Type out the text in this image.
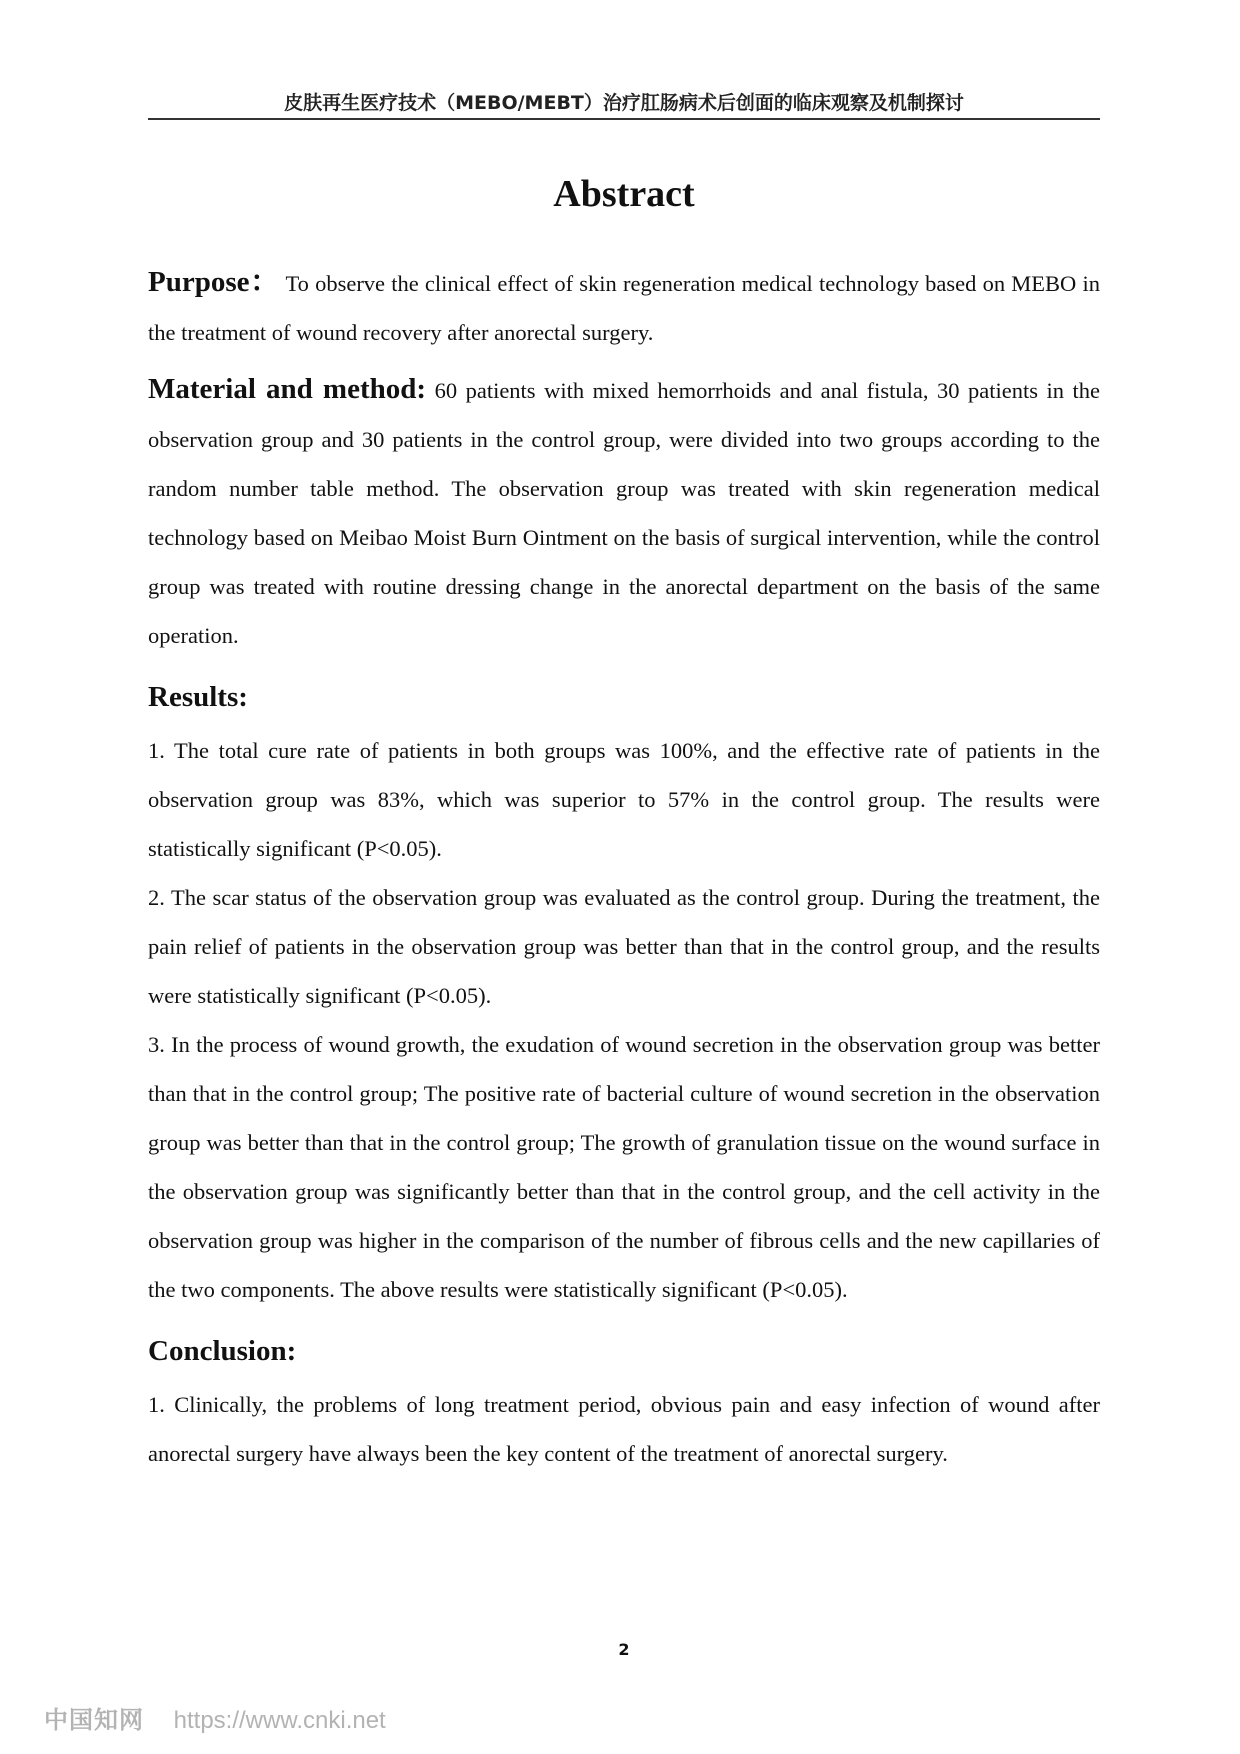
皮肤再生医疗技术（MEBO/MEBT）治疗肛肠病术后创面的临床观察及机制探讨
Abstract

Purpose： To observe the clinical effect of skin regeneration medical technology based on MEBO in the treatment of wound recovery after anorectal surgery.

Material and method: 60 patients with mixed hemorrhoids and anal fistula, 30 patients in the observation group and 30 patients in the control group, were divided into two groups according to the random number table method. The observation group was treated with skin regeneration medical technology based on Meibao Moist Burn Ointment on the basis of surgical intervention, while the control group was treated with routine dressing change in the anorectal department on the basis of the same operation.

Results:

1. The total cure rate of patients in both groups was 100%, and the effective rate of patients in the observation group was 83%, which was superior to 57% in the control group. The results were statistically significant (P<0.05).

2. The scar status of the observation group was evaluated as the control group. During the treatment, the pain relief of patients in the observation group was better than that in the control group, and the results were statistically significant (P<0.05).

3. In the process of wound growth, the exudation of wound secretion in the observation group was better than that in the control group; The positive rate of bacterial culture of wound secretion in the observation group was better than that in the control group; The growth of granulation tissue on the wound surface in the observation group was significantly better than that in the control group, and the cell activity in the observation group was higher in the comparison of the number of fibrous cells and the new capillaries of the two components. The above results were statistically significant (P<0.05).

Conclusion:

1. Clinically, the problems of long treatment period, obvious pain and easy infection of wound after anorectal surgery have always been the key content of the treatment of anorectal surgery.

2
中国知网 https://www.cnki.net
